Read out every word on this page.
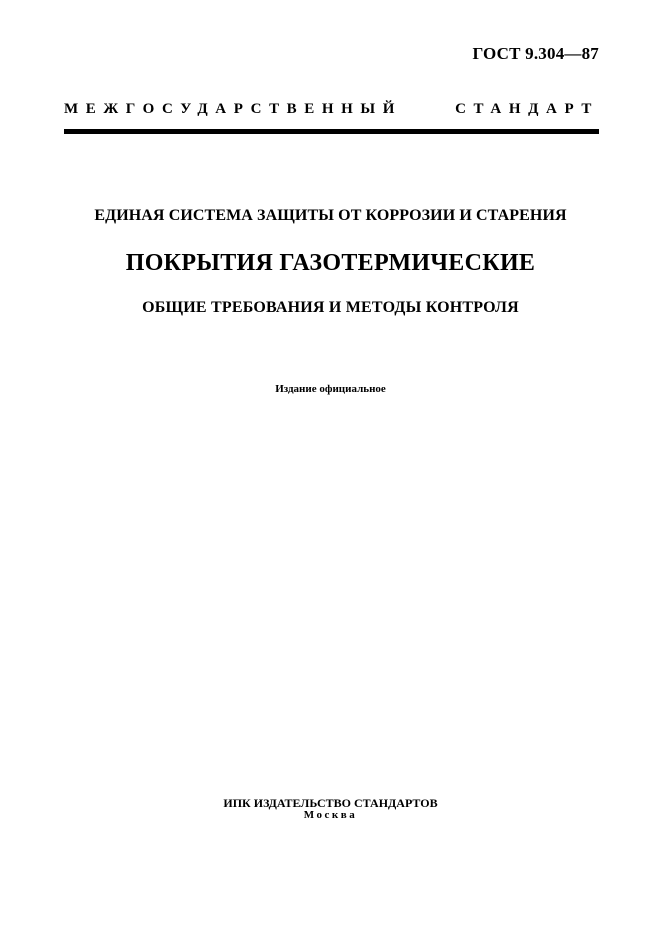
ГОСТ 9.304—87
МЕЖГОСУДАРСТВЕННЫЙ СТАНДАРТ
ЕДИНАЯ СИСТЕМА ЗАЩИТЫ ОТ КОРРОЗИИ И СТАРЕНИЯ
ПОКРЫТИЯ ГАЗОТЕРМИЧЕСКИЕ
ОБЩИЕ ТРЕБОВАНИЯ И МЕТОДЫ КОНТРОЛЯ
Издание официальное
ИПК ИЗДАТЕЛЬСТВО СТАНДАРТОВ
Москва
